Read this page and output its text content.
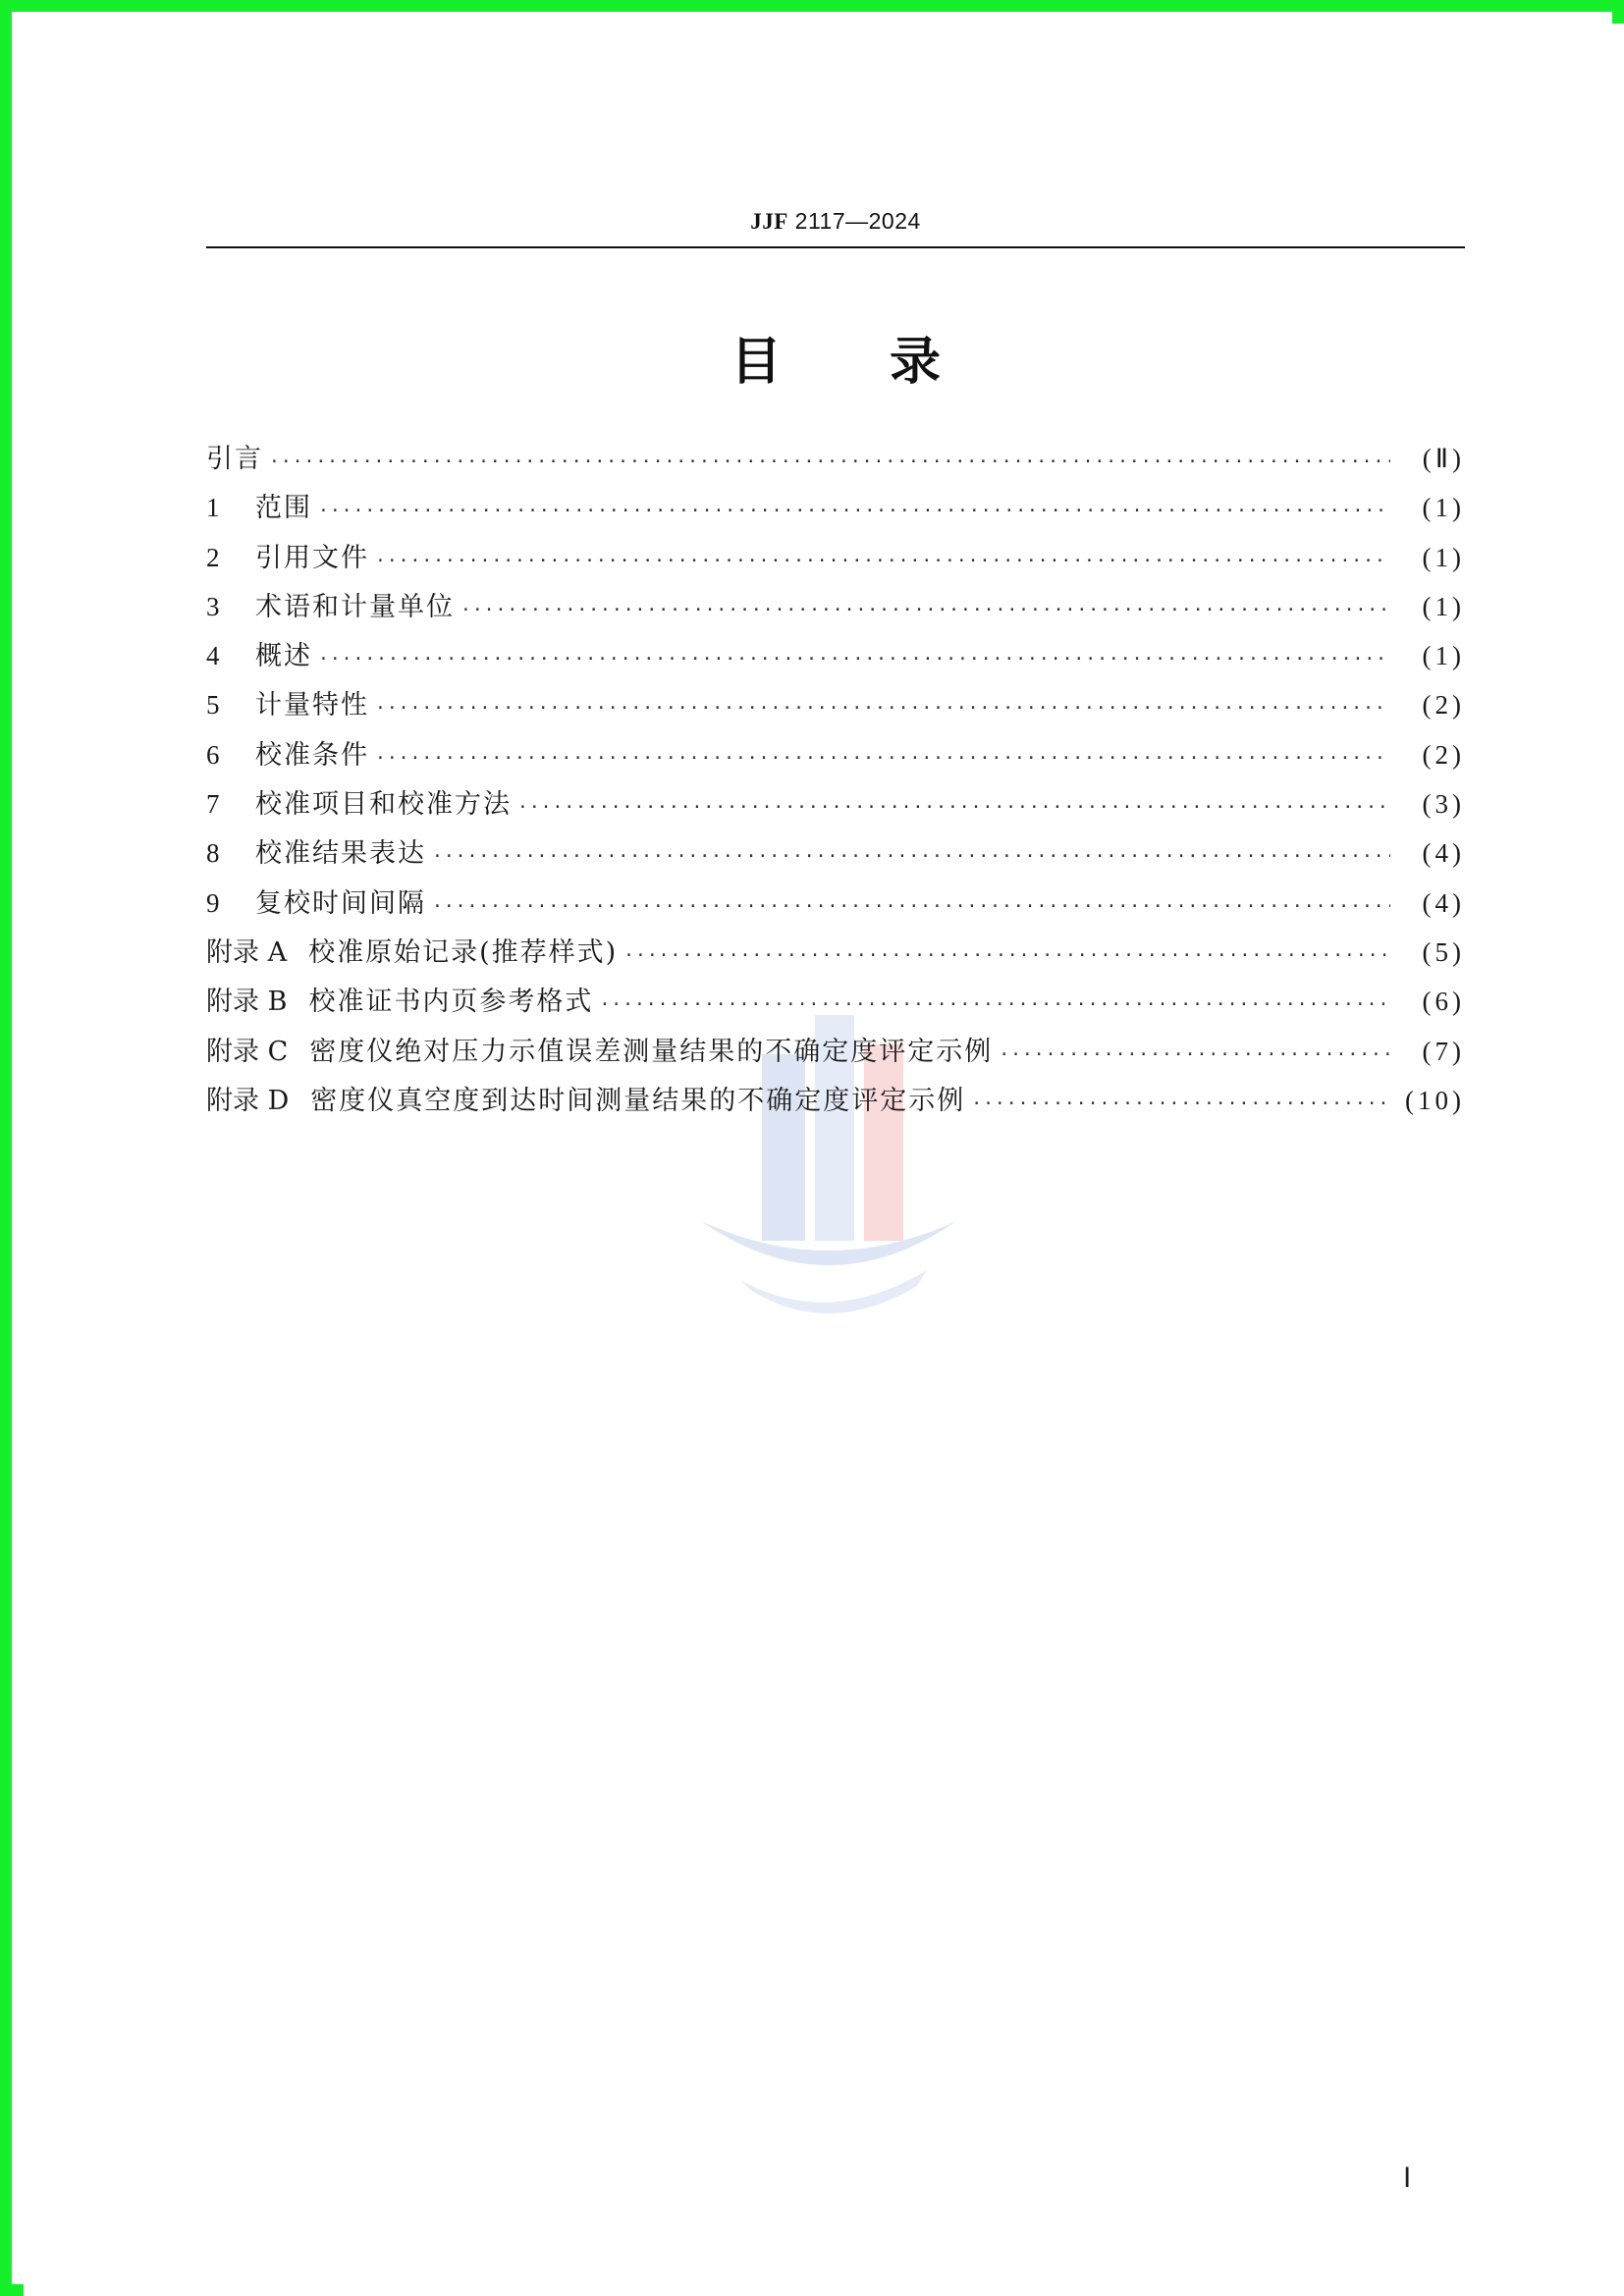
JJF 2117—2024
目 录
引言 ·····	(Ⅱ)
1	范围 ·····	(1)
2	引用文件 ·····	(1)
3	术语和计量单位 ·····	(1)
4	概述 ·····	(1)
5	计量特性 ·····	(2)
6	校准条件 ·····	(2)
7	校准项目和校准方法 ·····	(3)
8	校准结果表达 ·····	(4)
9	复校时间间隔 ·····	(4)
附录 A 校准原始记录(推荐样式) ·····	(5)
附录 B 校准证书内页参考格式 ·····	(6)
附录 C 密度仪绝对压力示值误差测量结果的不确定度评定示例 ·····	(7)
附录 D 密度仪真空度到达时间测量结果的不确定度评定示例 ·····	(10)
Ⅰ
